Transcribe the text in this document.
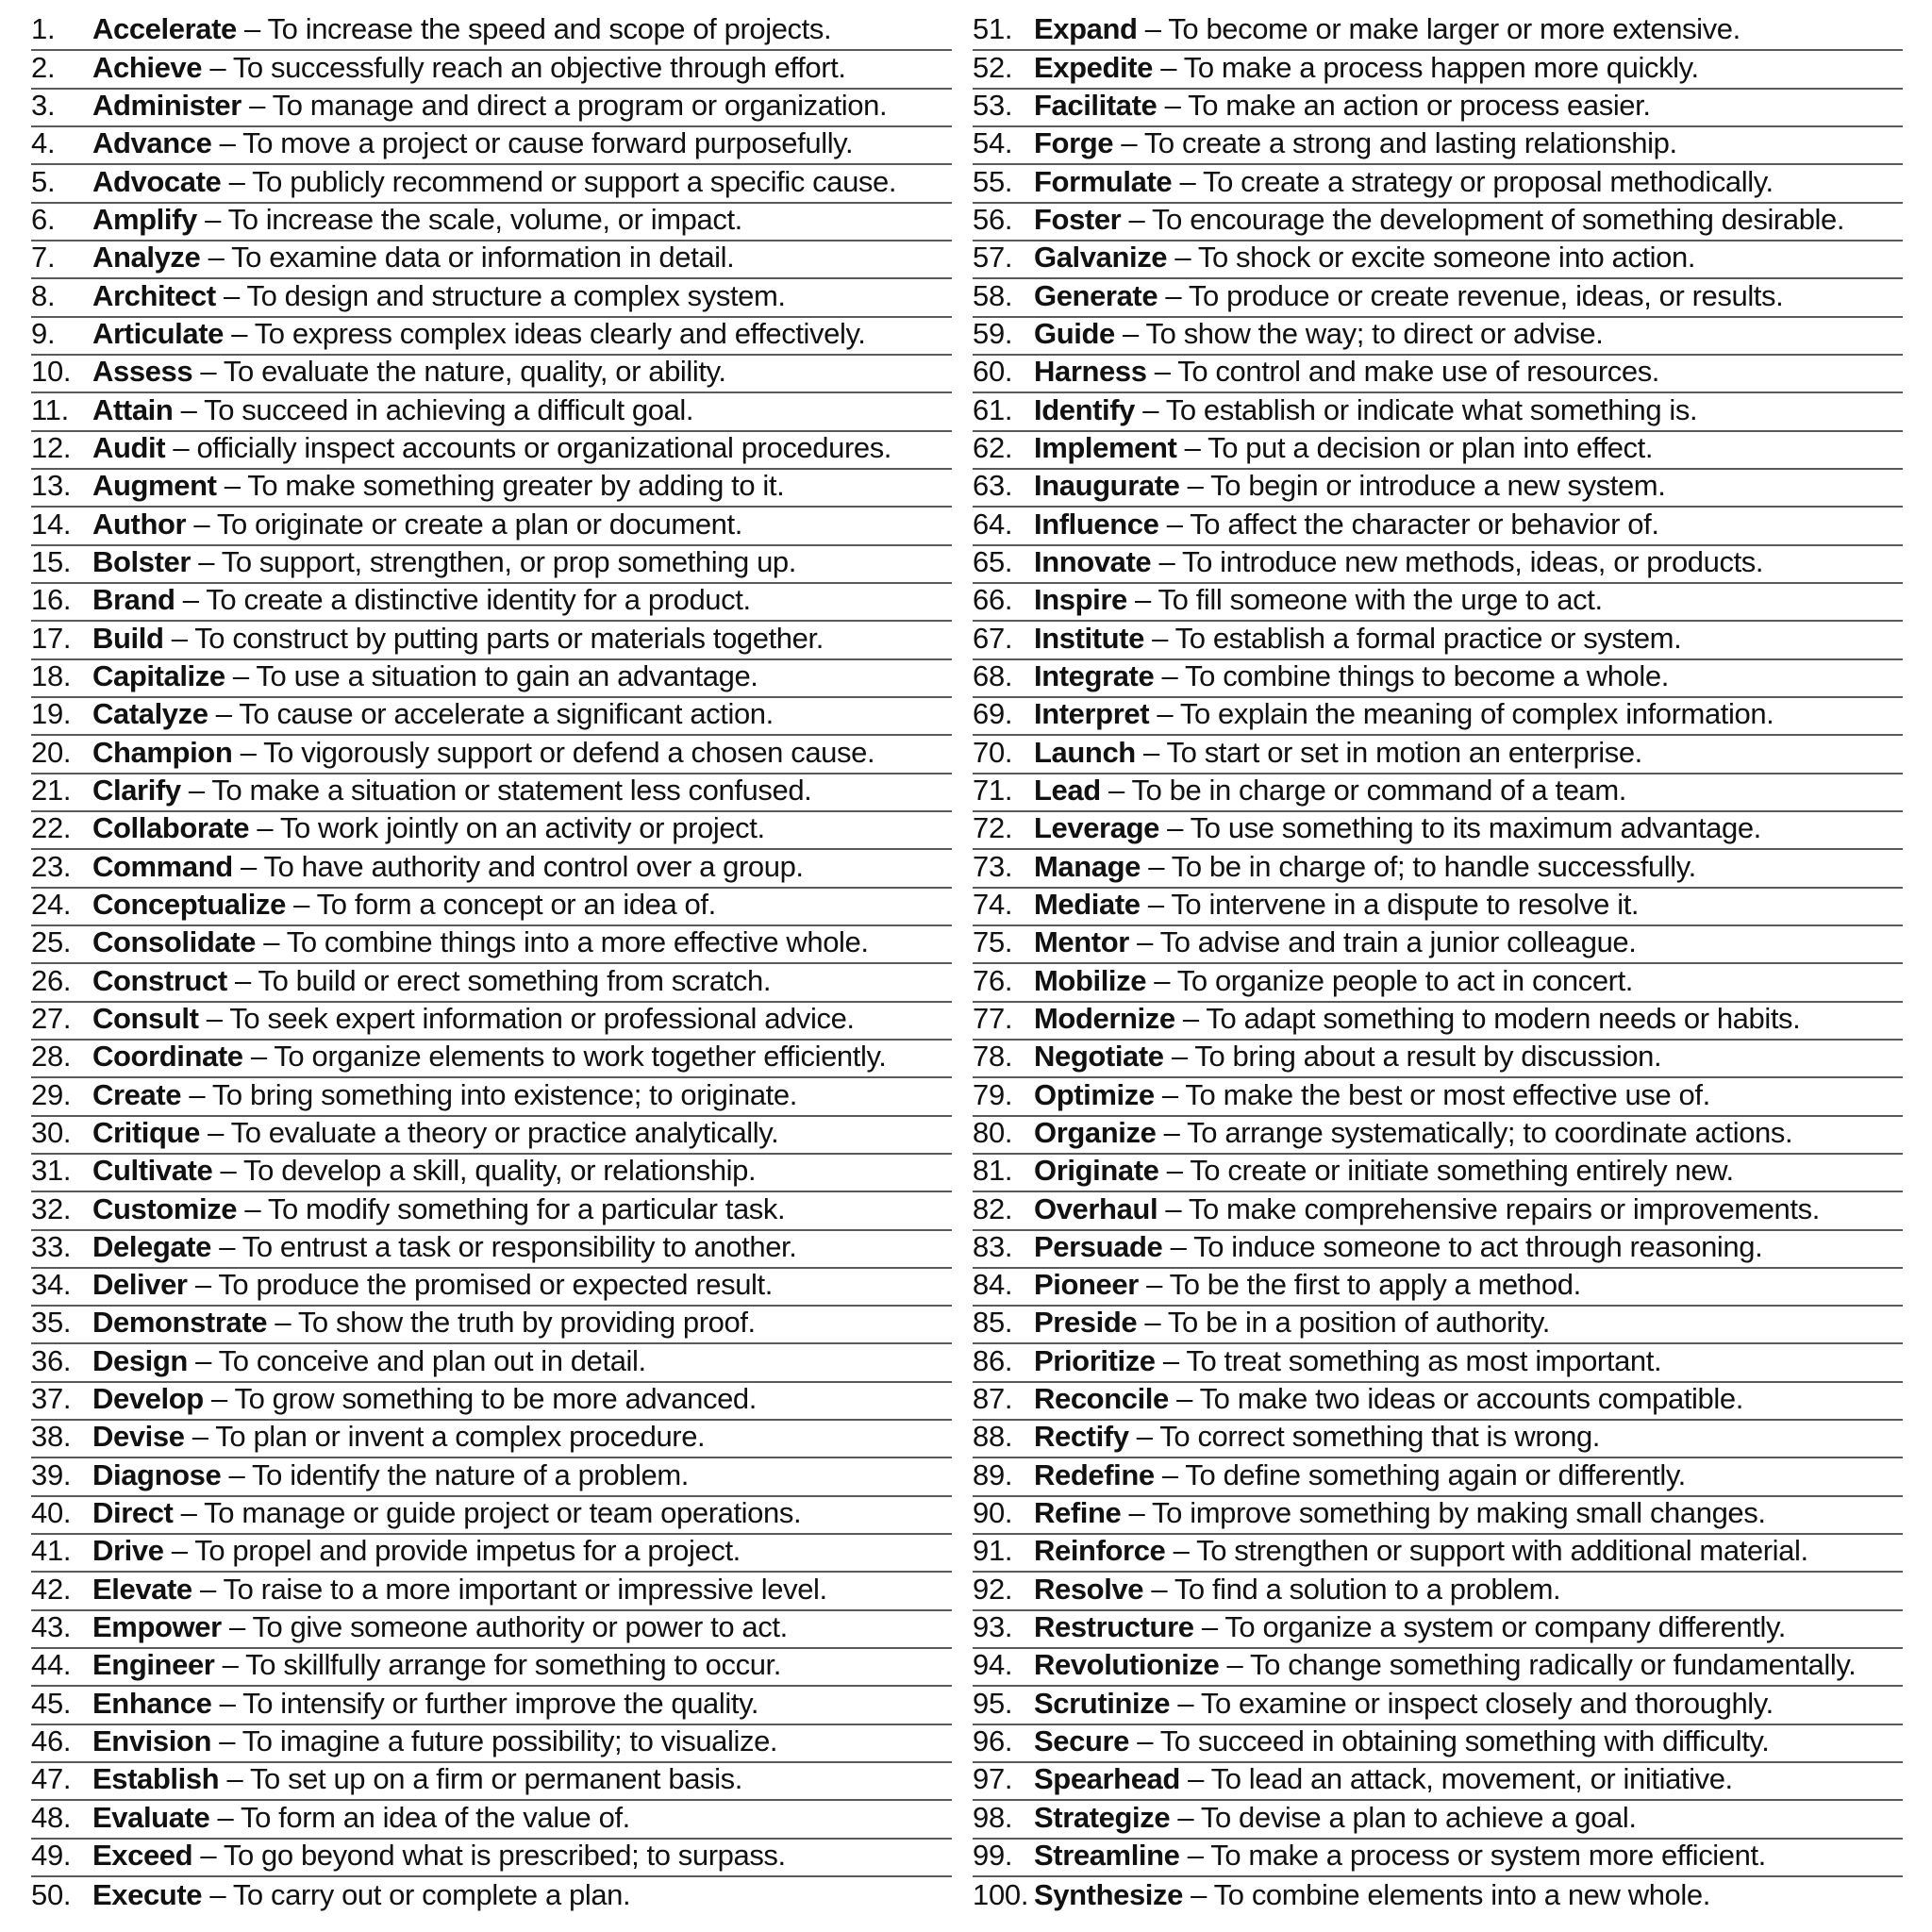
1. Accelerate – To increase the speed and scope of projects.
2. Achieve – To successfully reach an objective through effort.
3. Administer – To manage and direct a program or organization.
4. Advance – To move a project or cause forward purposefully.
5. Advocate – To publicly recommend or support a specific cause.
6. Amplify – To increase the scale, volume, or impact.
7. Analyze – To examine data or information in detail.
8. Architect – To design and structure a complex system.
9. Articulate – To express complex ideas clearly and effectively.
10. Assess – To evaluate the nature, quality, or ability.
11. Attain – To succeed in achieving a difficult goal.
12. Audit – officially inspect accounts or organizational procedures.
13. Augment – To make something greater by adding to it.
14. Author – To originate or create a plan or document.
15. Bolster – To support, strengthen, or prop something up.
16. Brand – To create a distinctive identity for a product.
17. Build – To construct by putting parts or materials together.
18. Capitalize – To use a situation to gain an advantage.
19. Catalyze – To cause or accelerate a significant action.
20. Champion – To vigorously support or defend a chosen cause.
21. Clarify – To make a situation or statement less confused.
22. Collaborate – To work jointly on an activity or project.
23. Command – To have authority and control over a group.
24. Conceptualize – To form a concept or an idea of.
25. Consolidate – To combine things into a more effective whole.
26. Construct – To build or erect something from scratch.
27. Consult – To seek expert information or professional advice.
28. Coordinate – To organize elements to work together efficiently.
29. Create – To bring something into existence; to originate.
30. Critique – To evaluate a theory or practice analytically.
31. Cultivate – To develop a skill, quality, or relationship.
32. Customize – To modify something for a particular task.
33. Delegate – To entrust a task or responsibility to another.
34. Deliver – To produce the promised or expected result.
35. Demonstrate – To show the truth by providing proof.
36. Design – To conceive and plan out in detail.
37. Develop – To grow something to be more advanced.
38. Devise – To plan or invent a complex procedure.
39. Diagnose – To identify the nature of a problem.
40. Direct – To manage or guide project or team operations.
41. Drive – To propel and provide impetus for a project.
42. Elevate – To raise to a more important or impressive level.
43. Empower – To give someone authority or power to act.
44. Engineer – To skillfully arrange for something to occur.
45. Enhance – To intensify or further improve the quality.
46. Envision – To imagine a future possibility; to visualize.
47. Establish – To set up on a firm or permanent basis.
48. Evaluate – To form an idea of the value of.
49. Exceed – To go beyond what is prescribed; to surpass.
50. Execute – To carry out or complete a plan.
51. Expand – To become or make larger or more extensive.
52. Expedite – To make a process happen more quickly.
53. Facilitate – To make an action or process easier.
54. Forge – To create a strong and lasting relationship.
55. Formulate – To create a strategy or proposal methodically.
56. Foster – To encourage the development of something desirable.
57. Galvanize – To shock or excite someone into action.
58. Generate – To produce or create revenue, ideas, or results.
59. Guide – To show the way; to direct or advise.
60. Harness – To control and make use of resources.
61. Identify – To establish or indicate what something is.
62. Implement – To put a decision or plan into effect.
63. Inaugurate – To begin or introduce a new system.
64. Influence – To affect the character or behavior of.
65. Innovate – To introduce new methods, ideas, or products.
66. Inspire – To fill someone with the urge to act.
67. Institute – To establish a formal practice or system.
68. Integrate – To combine things to become a whole.
69. Interpret – To explain the meaning of complex information.
70. Launch – To start or set in motion an enterprise.
71. Lead – To be in charge or command of a team.
72. Leverage – To use something to its maximum advantage.
73. Manage – To be in charge of; to handle successfully.
74. Mediate – To intervene in a dispute to resolve it.
75. Mentor – To advise and train a junior colleague.
76. Mobilize – To organize people to act in concert.
77. Modernize – To adapt something to modern needs or habits.
78. Negotiate – To bring about a result by discussion.
79. Optimize – To make the best or most effective use of.
80. Organize – To arrange systematically; to coordinate actions.
81. Originate – To create or initiate something entirely new.
82. Overhaul – To make comprehensive repairs or improvements.
83. Persuade – To induce someone to act through reasoning.
84. Pioneer – To be the first to apply a method.
85. Preside – To be in a position of authority.
86. Prioritize – To treat something as most important.
87. Reconcile – To make two ideas or accounts compatible.
88. Rectify – To correct something that is wrong.
89. Redefine – To define something again or differently.
90. Refine – To improve something by making small changes.
91. Reinforce – To strengthen or support with additional material.
92. Resolve – To find a solution to a problem.
93. Restructure – To organize a system or company differently.
94. Revolutionize – To change something radically or fundamentally.
95. Scrutinize – To examine or inspect closely and thoroughly.
96. Secure – To succeed in obtaining something with difficulty.
97. Spearhead – To lead an attack, movement, or initiative.
98. Strategize – To devise a plan to achieve a goal.
99. Streamline – To make a process or system more efficient.
100. Synthesize – To combine elements into a new whole.
